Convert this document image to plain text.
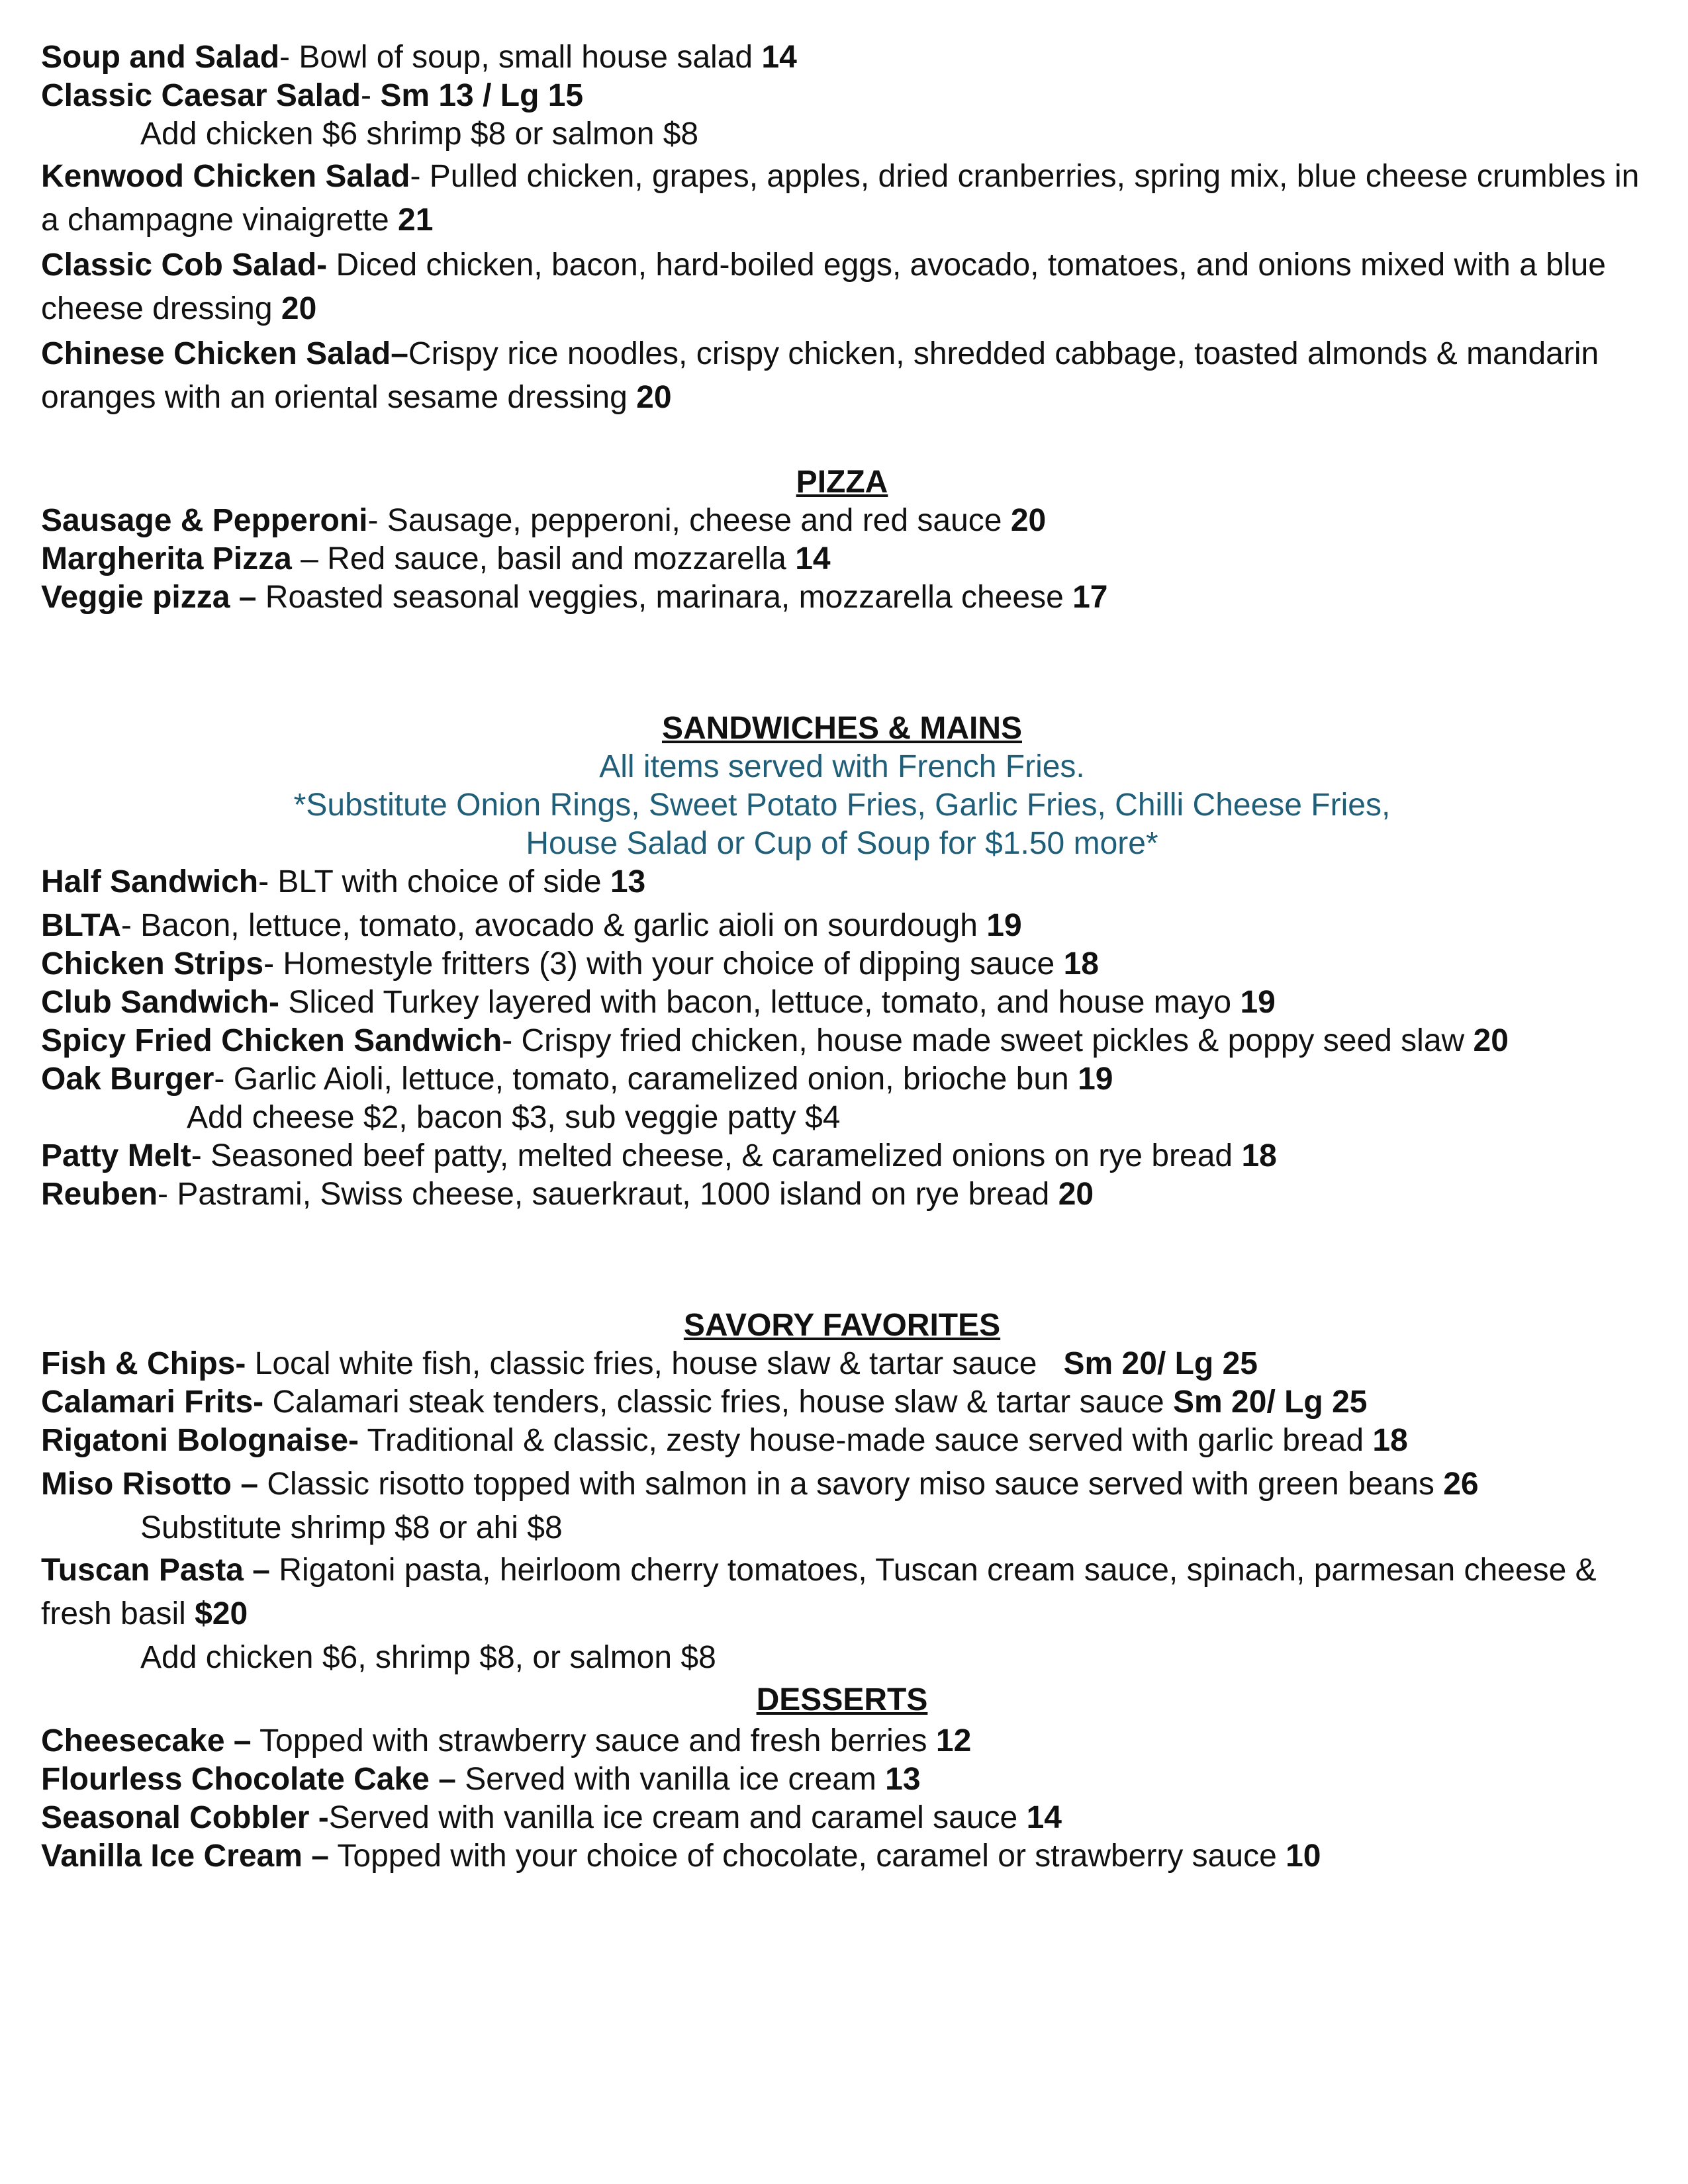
Soup and Salad- Bowl of soup, small house salad 14
Classic Caesar Salad- Sm 13 / Lg 15
Add chicken $6 shrimp $8 or salmon $8
Kenwood Chicken Salad- Pulled chicken, grapes, apples, dried cranberries, spring mix, blue cheese crumbles in a champagne vinaigrette 21
Classic Cob Salad- Diced chicken, bacon, hard-boiled eggs, avocado, tomatoes, and onions mixed with a blue cheese dressing 20
Chinese Chicken Salad–Crispy rice noodles, crispy chicken, shredded cabbage, toasted almonds & mandarin oranges with an oriental sesame dressing 20
PIZZA
Sausage & Pepperoni- Sausage, pepperoni, cheese and red sauce 20
Margherita Pizza – Red sauce, basil and mozzarella 14
Veggie pizza – Roasted seasonal veggies, marinara, mozzarella cheese 17
SANDWICHES & MAINS
All items served with French Fries.
*Substitute Onion Rings, Sweet Potato Fries, Garlic Fries, Chilli Cheese Fries,
House Salad or Cup of Soup for $1.50 more*
Half Sandwich- BLT with choice of side 13
BLTA- Bacon, lettuce, tomato, avocado & garlic aioli on sourdough 19
Chicken Strips- Homestyle fritters (3) with your choice of dipping sauce 18
Club Sandwich- Sliced Turkey layered with bacon, lettuce, tomato, and house mayo 19
Spicy Fried Chicken Sandwich- Crispy fried chicken, house made sweet pickles & poppy seed slaw 20
Oak Burger- Garlic Aioli, lettuce, tomato, caramelized onion, brioche bun 19
Add cheese $2, bacon $3, sub veggie patty $4
Patty Melt- Seasoned beef patty, melted cheese, & caramelized onions on rye bread 18
Reuben- Pastrami, Swiss cheese, sauerkraut, 1000 island on rye bread 20
SAVORY FAVORITES
Fish & Chips- Local white fish, classic fries, house slaw & tartar sauce   Sm 20/ Lg 25
Calamari Frits- Calamari steak tenders, classic fries, house slaw & tartar sauce Sm 20/ Lg 25
Rigatoni Bolognaise- Traditional & classic, zesty house-made sauce served with garlic bread 18
Miso Risotto – Classic risotto topped with salmon in a savory miso sauce served with green beans 26
Substitute shrimp $8 or ahi $8
Tuscan Pasta – Rigatoni pasta, heirloom cherry tomatoes, Tuscan cream sauce, spinach, parmesan cheese & fresh basil $20
Add chicken $6, shrimp $8, or salmon $8
DESSERTS
Cheesecake – Topped with strawberry sauce and fresh berries 12
Flourless Chocolate Cake – Served with vanilla ice cream 13
Seasonal Cobbler -Served with vanilla ice cream and caramel sauce 14
Vanilla Ice Cream – Topped with your choice of chocolate, caramel or strawberry sauce 10
